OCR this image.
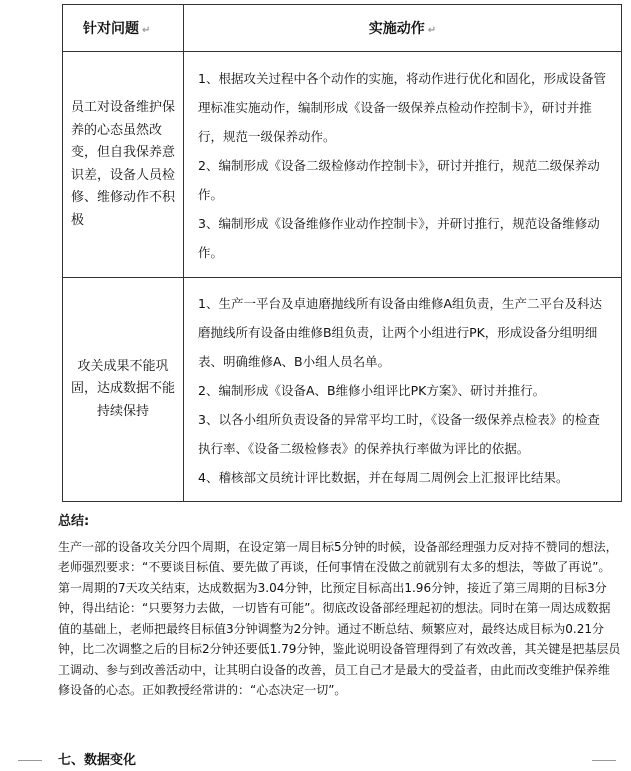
针对问题 ↵	实施动作 ↵
员工对设备维护保养的心态虽然改变，但自我保养意识差，设备人员检修、维修动作不积极	1、根据攻关过程中各个动作的实施，将动作进行优化和固化，形成设备管理标准实施动作，编制形成《设备一级保养点检动作控制卡》，研讨并推行，规范一级保养动作。

2、编制形成《设备二级检修动作控制卡》，研讨并推行，规范二级保养动作。

3、编制形成《设备维修作业动作控制卡》，并研讨推行，规范设备维修动作。

攻关成果不能巩固，达成数据不能持续保持	1、生产一平台及卓迪磨抛线所有设备由维修A组负责，生产二平台及科达磨抛线所有设备由维修B组负责，让两个小组进行PK，形成设备分组明细表、明确维修A、B小组人员名单。

2、编制形成《设备A、B维修小组评比PK方案》、研讨并推行。

3、以各小组所负责设备的异常平均工时，《设备一级保养点检表》的检查执行率、《设备二级检修表》的保养执行率做为评比的依据。

4、稽核部文员统计评比数据，并在每周二周例会上汇报评比结果。

总结:

生产一部的设备攻关分四个周期，在设定第一周目标5分钟的时候，设备部经理强力反对持不赞同的想法，老师强烈要求：“不要谈目标值、要先做了再谈，任何事情在没做之前就别有太多的想法，等做了再说”。

第一周期的7天攻关结束，达成数据为3.04分钟，比预定目标高出1.96分钟，接近了第三周期的目标3分钟，得出结论：“只要努力去做，一切皆有可能”。彻底改设备部经理起初的想法。同时在第一周达成数据值的基础上，老师把最终目标值3分钟调整为2分钟。通过不断总结、频繁应对，最终达成目标为0.21分钟，比二次调整之后的目标2分钟还要低1.79分钟，鉴此说明设备管理得到了有效改善，其关键是把基层员工调动、参与到改善活动中，让其明白设备的改善，员工自己才是最大的受益者，由此而改变维护保养维修设备的心态。正如教授经常讲的：“心态决定一切”。

七、数据变化
